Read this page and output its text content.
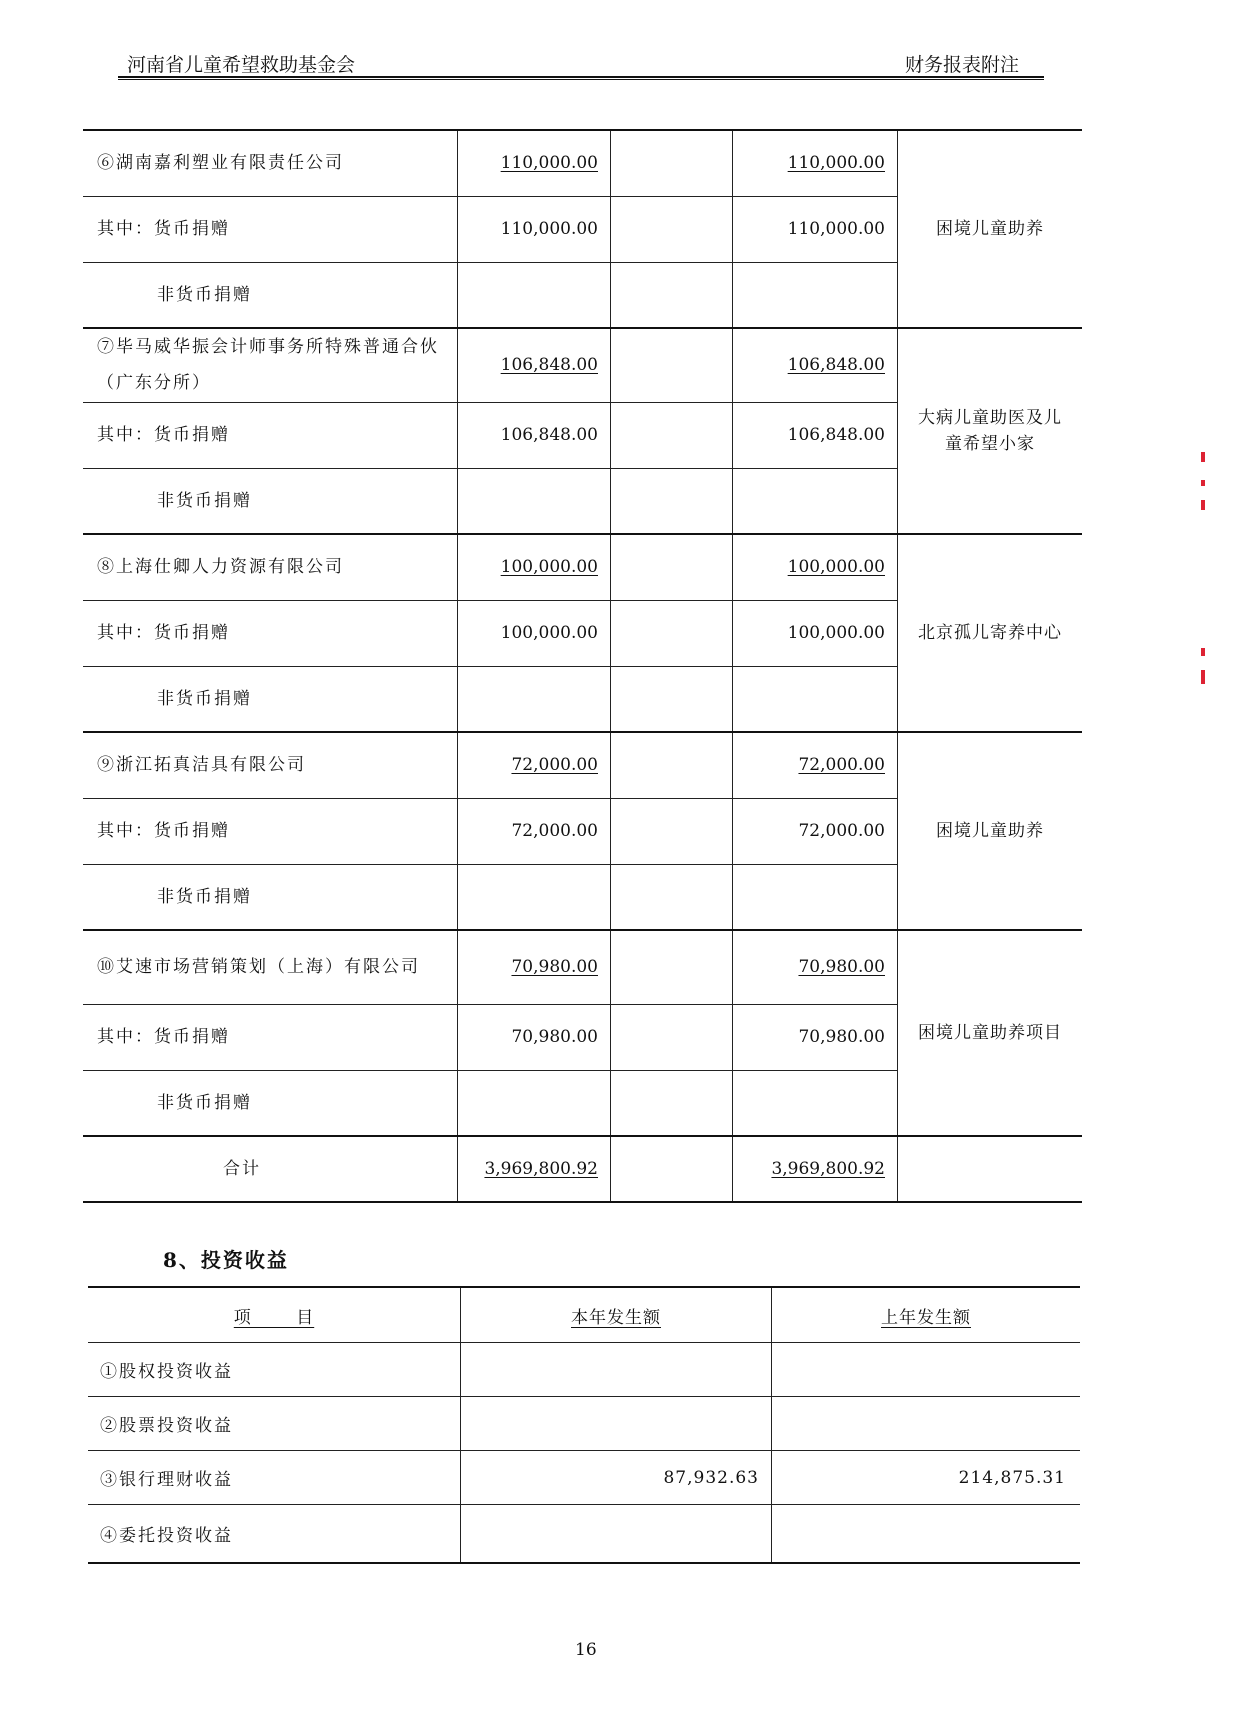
河南省儿童希望救助基金会	财务报表附注
⑥湖南嘉利塑业有限责任公司	110,000.00		110,000.00	困境儿童助养
其中：货币捐赠	110,000.00		110,000.00	
非货币捐赠				
⑦毕马威华振会计师事务所特殊普通合伙（广东分所）	106,848.00		106,848.00	大病儿童助医及儿童希望小家
其中：货币捐赠	106,848.00		106,848.00	
非货币捐赠				
⑧上海仕卿人力资源有限公司	100,000.00		100,000.00	北京孤儿寄养中心
其中：货币捐赠	100,000.00		100,000.00	
非货币捐赠				
⑨浙江拓真洁具有限公司	72,000.00		72,000.00	困境儿童助养
其中：货币捐赠	72,000.00		72,000.00	
非货币捐赠				
⑩艾速市场营销策划（上海）有限公司	70,980.00		70,980.00	困境儿童助养项目
其中：货币捐赠	70,980.00		70,980.00	
非货币捐赠				

合计	3,969,800.92		3,969,800.92	
8、投资收益
项 目	本年发生额	上年发生额
①股权投资收益		
②股票投资收益		
③银行理财收益	87,932.63	214,875.31
④委托投资收益		
16
